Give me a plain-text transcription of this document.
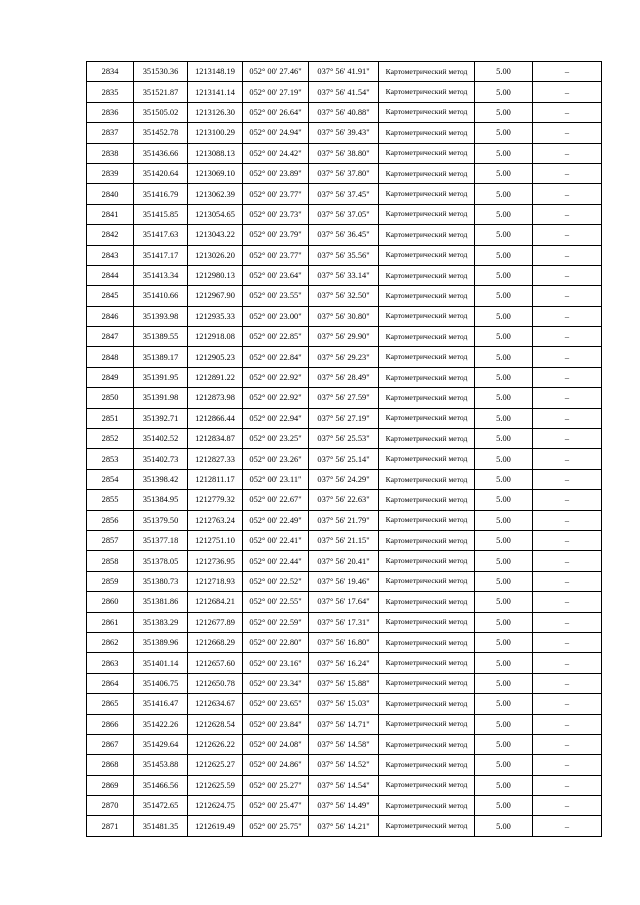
2834	351530.36	1213148.19	052° 00' 27.46"	037° 56' 41.91"	Картометрический метод	5.00	–
2835	351521.87	1213141.14	052° 00' 27.19"	037° 56' 41.54"	Картометрический метод	5.00	–
2836	351505.02	1213126.30	052° 00' 26.64"	037° 56' 40.88"	Картометрический метод	5.00	–
2837	351452.78	1213100.29	052° 00' 24.94"	037° 56' 39.43"	Картометрический метод	5.00	–
2838	351436.66	1213088.13	052° 00' 24.42"	037° 56' 38.80"	Картометрический метод	5.00	–
2839	351420.64	1213069.10	052° 00' 23.89"	037° 56' 37.80"	Картометрический метод	5.00	–
2840	351416.79	1213062.39	052° 00' 23.77"	037° 56' 37.45"	Картометрический метод	5.00	–
2841	351415.85	1213054.65	052° 00' 23.73"	037° 56' 37.05"	Картометрический метод	5.00	–
2842	351417.63	1213043.22	052° 00' 23.79"	037° 56' 36.45"	Картометрический метод	5.00	–
2843	351417.17	1213026.20	052° 00' 23.77"	037° 56' 35.56"	Картометрический метод	5.00	–
2844	351413.34	1212980.13	052° 00' 23.64"	037° 56' 33.14"	Картометрический метод	5.00	–
2845	351410.66	1212967.90	052° 00' 23.55"	037° 56' 32.50"	Картометрический метод	5.00	–
2846	351393.98	1212935.33	052° 00' 23.00"	037° 56' 30.80"	Картометрический метод	5.00	–
2847	351389.55	1212918.08	052° 00' 22.85"	037° 56' 29.90"	Картометрический метод	5.00	–
2848	351389.17	1212905.23	052° 00' 22.84"	037° 56' 29.23"	Картометрический метод	5.00	–
2849	351391.95	1212891.22	052° 00' 22.92"	037° 56' 28.49"	Картометрический метод	5.00	–
2850	351391.98	1212873.98	052° 00' 22.92"	037° 56' 27.59"	Картометрический метод	5.00	–
2851	351392.71	1212866.44	052° 00' 22.94"	037° 56' 27.19"	Картометрический метод	5.00	–
2852	351402.52	1212834.87	052° 00' 23.25"	037° 56' 25.53"	Картометрический метод	5.00	–
2853	351402.73	1212827.33	052° 00' 23.26"	037° 56' 25.14"	Картометрический метод	5.00	–
2854	351398.42	1212811.17	052° 00' 23.11"	037° 56' 24.29"	Картометрический метод	5.00	–
2855	351384.95	1212779.32	052° 00' 22.67"	037° 56' 22.63"	Картометрический метод	5.00	–
2856	351379.50	1212763.24	052° 00' 22.49"	037° 56' 21.79"	Картометрический метод	5.00	–
2857	351377.18	1212751.10	052° 00' 22.41"	037° 56' 21.15"	Картометрический метод	5.00	–
2858	351378.05	1212736.95	052° 00' 22.44"	037° 56' 20.41"	Картометрический метод	5.00	–
2859	351380.73	1212718.93	052° 00' 22.52"	037° 56' 19.46"	Картометрический метод	5.00	–
2860	351381.86	1212684.21	052° 00' 22.55"	037° 56' 17.64"	Картометрический метод	5.00	–
2861	351383.29	1212677.89	052° 00' 22.59"	037° 56' 17.31"	Картометрический метод	5.00	–
2862	351389.96	1212668.29	052° 00' 22.80"	037° 56' 16.80"	Картометрический метод	5.00	–
2863	351401.14	1212657.60	052° 00' 23.16"	037° 56' 16.24"	Картометрический метод	5.00	–
2864	351406.75	1212650.78	052° 00' 23.34"	037° 56' 15.88"	Картометрический метод	5.00	–
2865	351416.47	1212634.67	052° 00' 23.65"	037° 56' 15.03"	Картометрический метод	5.00	–
2866	351422.26	1212628.54	052° 00' 23.84"	037° 56' 14.71"	Картометрический метод	5.00	–
2867	351429.64	1212626.22	052° 00' 24.08"	037° 56' 14.58"	Картометрический метод	5.00	–
2868	351453.88	1212625.27	052° 00' 24.86"	037° 56' 14.52"	Картометрический метод	5.00	–
2869	351466.56	1212625.59	052° 00' 25.27"	037° 56' 14.54"	Картометрический метод	5.00	–
2870	351472.65	1212624.75	052° 00' 25.47"	037° 56' 14.49"	Картометрический метод	5.00	–
2871	351481.35	1212619.49	052° 00' 25.75"	037° 56' 14.21"	Картометрический метод	5.00	–
